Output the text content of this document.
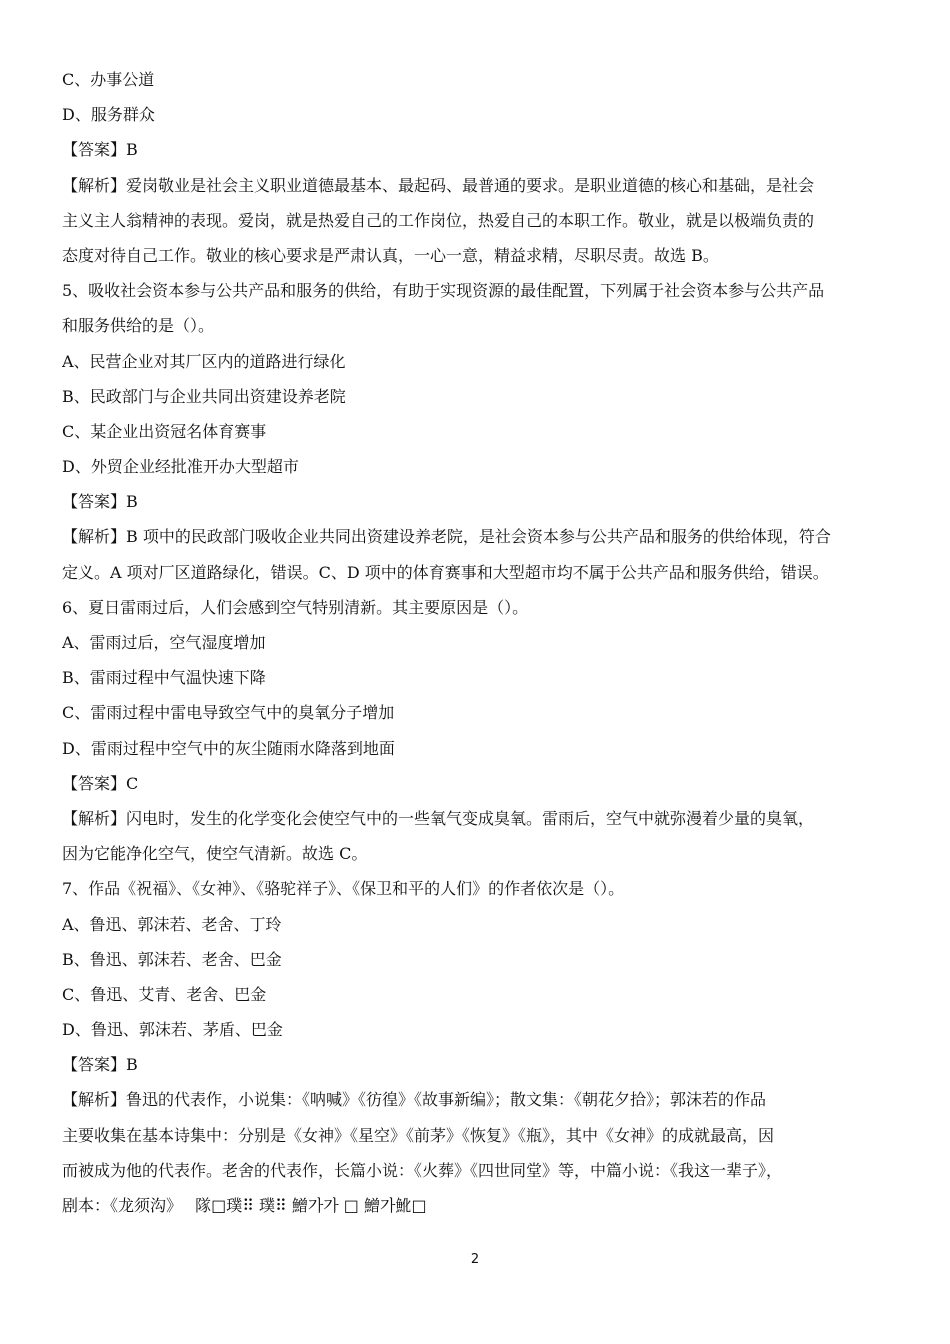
C、办事公道
D、服务群众
【答案】B
【解析】爱岗敬业是社会主义职业道德最基本、最起码、最普通的要求。是职业道德的核心和基础，是社会
主义主人翁精神的表现。爱岗，就是热爱自己的工作岗位，热爱自己的本职工作。敬业，就是以极端负责的
态度对待自己工作。敬业的核心要求是严肃认真，一心一意，精益求精，尽职尽责。故选 B。
5、吸收社会资本参与公共产品和服务的供给，有助于实现资源的最佳配置，下列属于社会资本参与公共产品
和服务供给的是（）。
A、民营企业对其厂区内的道路进行绿化
B、民政部门与企业共同出资建设养老院
C、某企业出资冠名体育赛事
D、外贸企业经批准开办大型超市
【答案】B
【解析】B 项中的民政部门吸收企业共同出资建设养老院，是社会资本参与公共产品和服务的供给体现，符合
定义。A 项对厂区道路绿化，错误。C、D 项中的体育赛事和大型超市均不属于公共产品和服务供给，错误。
6、夏日雷雨过后，人们会感到空气特别清新。其主要原因是（）。
A、雷雨过后，空气湿度增加
B、雷雨过程中气温快速下降
C、雷雨过程中雷电导致空气中的臭氧分子增加
D、雷雨过程中空气中的灰尘随雨水降落到地面
【答案】C
【解析】闪电时，发生的化学变化会使空气中的一些氧气变成臭氧。雷雨后，空气中就弥漫着少量的臭氧，
因为它能净化空气，使空气清新。故选 C。
7、作品《祝福》、《女神》、《骆驼祥子》、《保卫和平的人们》的作者依次是（）。
A、鲁迅、郭沫若、老舍、丁玲
B、鲁迅、郭沫若、老舍、巴金
C、鲁迅、艾青、老舍、巴金
D、鲁迅、郭沫若、茅盾、巴金
【答案】B
【解析】鲁迅的代表作，小说集：《呐喊》《彷徨》《故事新编》；散文集：《朝花夕拾》；郭沫若的作品
主要收集在基本诗集中：分别是《女神》《星空》《前茅》《恢复》《瓶》，其中《女神》的成就最高，因
而被成为他的代表作。老舍的代表作，长篇小说：《火葬》《四世同堂》等，中篇小说：《我这一辈子》，
剧本：《龙须沟》　 隊□璞⠿ 璞⠿ 鱛가가 □ 鱛가魤□
2
